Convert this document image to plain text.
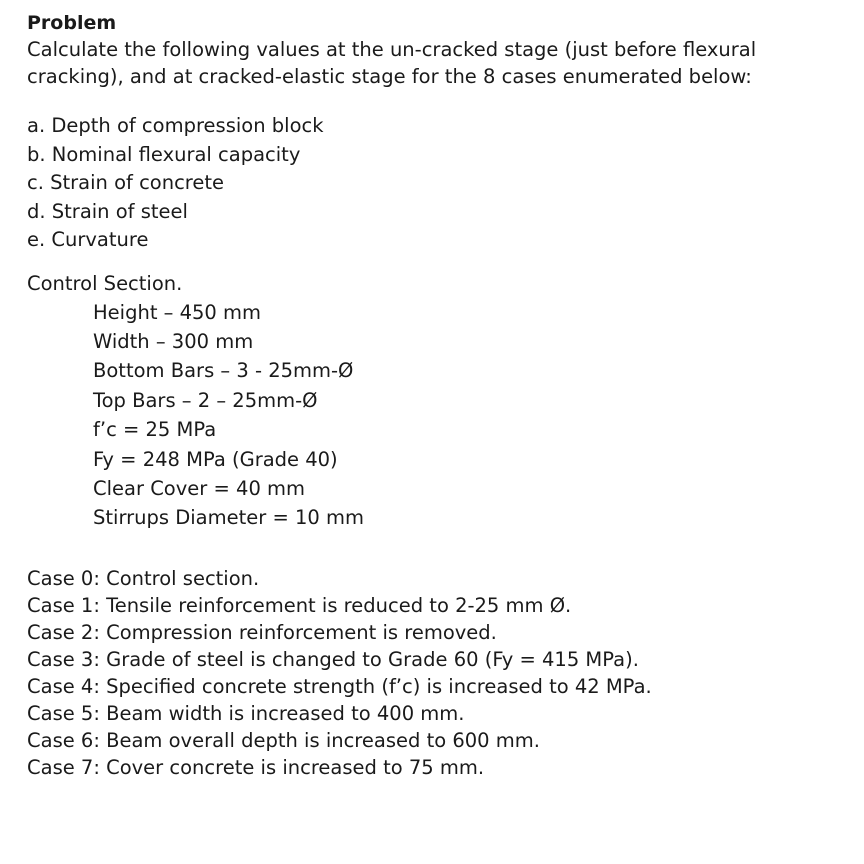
Problem
Calculate the following values at the un-cracked stage (just before flexural
cracking), and at cracked-elastic stage for the 8 cases enumerated below:
a. Depth of compression block
b. Nominal flexural capacity
c. Strain of concrete
d. Strain of steel
e. Curvature
Control Section.
Height – 450 mm
Width – 300 mm
Bottom Bars – 3 - 25mm-Ø
Top Bars – 2 – 25mm-Ø
f’c = 25 MPa
Fy = 248 MPa (Grade 40)
Clear Cover = 40 mm
Stirrups Diameter = 10 mm
Case 0: Control section.
Case 1: Tensile reinforcement is reduced to 2-25 mm Ø.
Case 2: Compression reinforcement is removed.
Case 3: Grade of steel is changed to Grade 60 (Fy = 415 MPa).
Case 4: Specified concrete strength (f’c) is increased to 42 MPa.
Case 5: Beam width is increased to 400 mm.
Case 6: Beam overall depth is increased to 600 mm.
Case 7: Cover concrete is increased to 75 mm.
